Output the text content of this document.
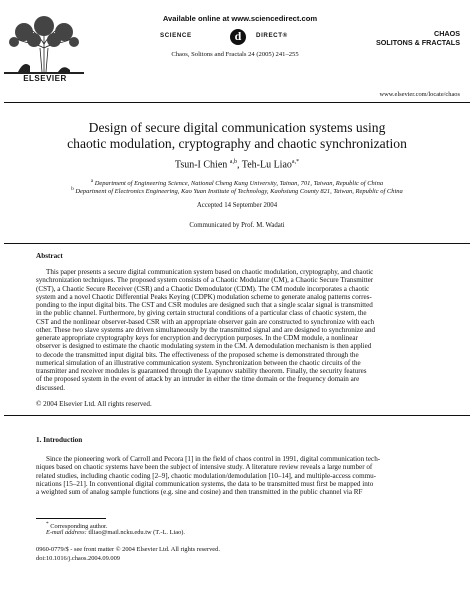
ELSEVIER
Available online at www.sciencedirect.com
SCIENCE	d	DIRECT®
Chaos, Solitons and Fractals 24 (2005) 241–255
CHAOS
SOLITONS & FRACTALS
www.elsevier.com/locate/chaos
Design of secure digital communication systems using
chaotic modulation, cryptography and chaotic synchronization
Tsun-I Chien $^{a,b}$, Teh-Lu Liao$^{a,*}$
$^a$ Department of Engineering Science, National Cheng Kung University, Tainan, 701, Taiwan, Republic of China
$^b$ Department of Electronics Engineering, Kao Yuan Institute of Technology, Kaohsiung County 821, Taiwan, Republic of China
Accepted 14 September 2004
Communicated by Prof. M. Wadati
Abstract
This paper presents a secure digital communication system based on chaotic modulation, cryptography, and chaotic
synchronization techniques. The proposed system consists of a Chaotic Modulator (CM), a Chaotic Secure Transmitter
(CST), a Chaotic Secure Receiver (CSR) and a Chaotic Demodulator (CDM). The CM module incorporates a chaotic
system and a novel Chaotic Differential Peaks Keying (CDPK) modulation scheme to generate analog patterns corres-
ponding to the input digital bits. The CST and CSR modules are designed such that a single scalar signal is transmitted
in the public channel. Furthermore, by giving certain structural conditions of a particular class of chaotic system, the
CST and the nonlinear observer-based CSR with an appropriate observer gain are constructed to synchronize with each
other. These two slave systems are driven simultaneously by the transmitted signal and are designed to synchronize and
generate appropriate cryptography keys for encryption and decryption purposes. In the CDM module, a nonlinear
observer is designed to estimate the chaotic modulating system in the CM. A demodulation mechanism is then applied
to decode the transmitted input digital bits. The effectiveness of the proposed scheme is demonstrated through the
numerical simulation of an illustrative communication system. Synchronization between the chaotic circuits of the
transmitter and receiver modules is guaranteed through the Lyapunov stability theorem. Finally, the security features
of the proposed system in the event of attack by an intruder in either the time domain or the frequency domain are
discussed.
© 2004 Elsevier Ltd. All rights reserved.
1. Introduction
Since the pioneering work of Carroll and Pecora [1] in the field of chaos control in 1991, digital communication tech-
niques based on chaotic systems have been the subject of intensive study. A literature review reveals a large number of
related studies, including chaotic coding [2–9], chaotic modulation/demodulation [10–14], and multiple-access commu-
nications [15–21]. In conventional digital communication systems, the data to be transmitted must first be mapped into
a weighted sum of analog sample functions (e.g. sine and cosine) and then transmitted in the public channel via RF
* Corresponding author.
E-mail address: tlliao@mail.ncku.edu.tw (T.-L. Liao).
0960-0779/$ - see front matter © 2004 Elsevier Ltd. All rights reserved.
doi:10.1016/j.chaos.2004.09.009
